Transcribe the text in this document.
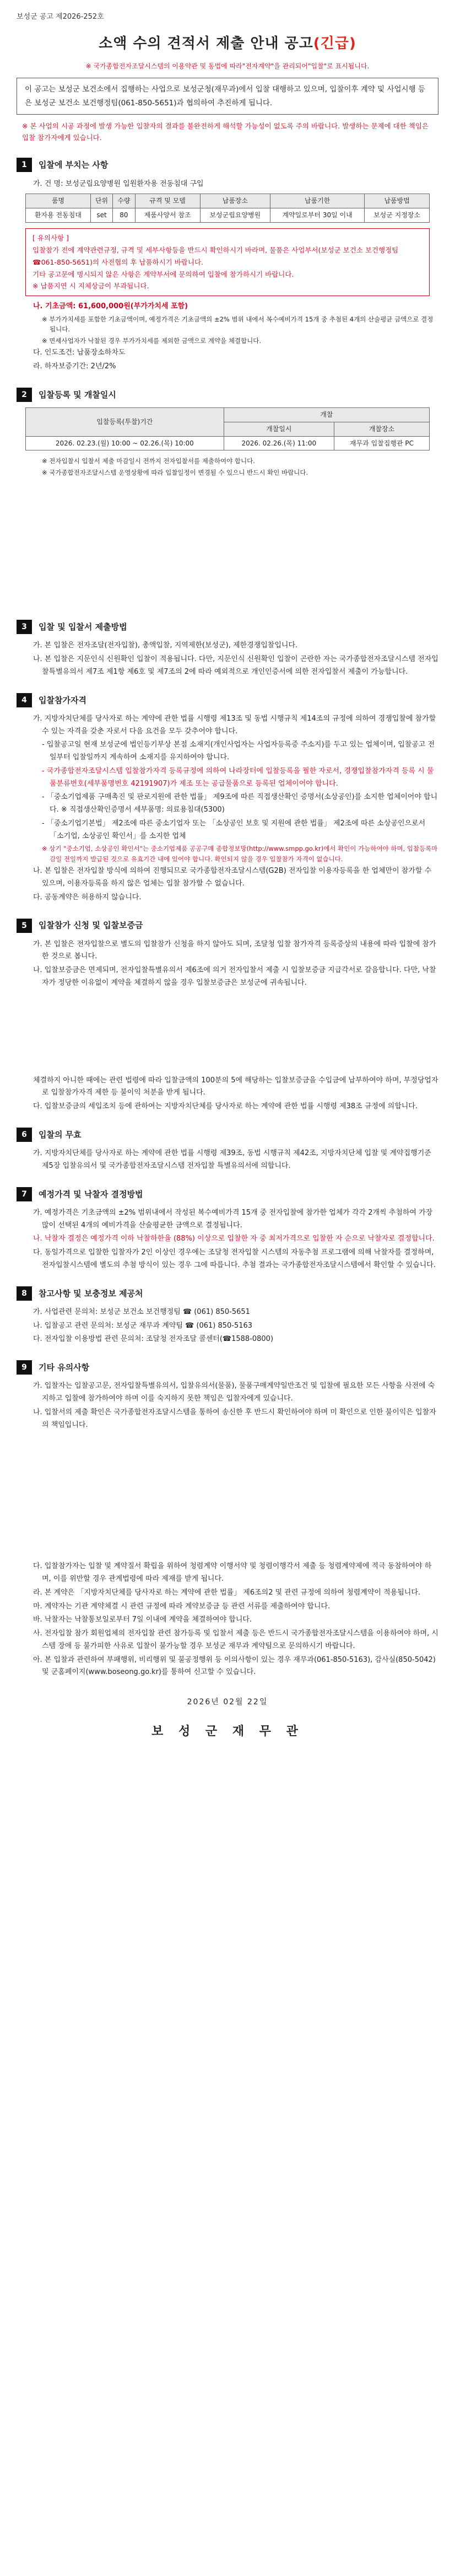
보성군 공고 제2026-252호
소액 수의 견적서 제출 안내 공고(긴급)
※ 국가종합전자조달시스템의 이용약관 및 동법에 따라"전자계약"을 관리되어"입찰"로 표시됩니다.
이 공고는 보성군 보건소에서 집행하는 사업으로 보성군청(재무과)에서 입찰 대행하고 있으며, 입찰이후 계약 및 사업시행 등은 보성군 보건소 보건행정팀(061-850-5651)과 협의하여 추진하게 됩니다.
※ 본 사업의 시공 과정에 발생 가능한 입찰자의 결과를 불완전하게 해석할 가능성이 없도록 주의 바랍니다. 발생하는 문제에 대한 책임은 입찰 참가자에게 있습니다.
1	입찰에 부치는 사항
가. 건 명: 보성군립요양병원 입원환자용 전동침대 구입
품명	단위	수량	규격 및 모델	납품장소	납품기한	납품방법
환자용 전동침대	set	80	제품사양서 참조	보성군립요양병원	계약일로부터 30일 이내	보성군 지정장소
[ 유의사항 ]
입찰참가 전에 계약관련규정, 규격 및 세부사항등을 반드시 확인하시기 바라며, 물품은 사업부서(보성군 보건소 보건행정팀 ☎061-850-5651)의 사전협의 후 납품하시기 바랍니다.
기타 공고문에 명시되지 않은 사항은 계약부서에 문의하여 입찰에 참가하시기 바랍니다.
※ 납품지연 시 지체상금이 부과됩니다.
나. 기초금액: 61,600,000원(부가가치세 포함)
※ 부가가치세를 포함한 기초금액이며, 예정가격은 기초금액의 ±2% 범위 내에서 복수예비가격 15개 중 추첨된 4개의 산술평균 금액으로 결정됩니다.
※ 면세사업자가 낙찰된 경우 부가가치세를 제외한 금액으로 계약을 체결합니다.
다. 인도조건: 납품장소하차도
라. 하자보증기간: 2년/2%
2	입찰등록 및 개찰일시
입찰등록(투찰)기간	개찰	
	개찰일시	개찰장소
2026. 02.23.(월) 10:00 ~ 02.26.(목) 10:00	2026. 02.26.(목) 11:00	재무과 입찰집행관 PC
※ 전자입찰시 입찰서 제출 마감일시 전까지 전자입찰서를 제출하여야 합니다.
※ 국가종합전자조달시스템 운영상황에 따라 입찰일정이 변경될 수 있으니 반드시 확인 바랍니다.
3	입찰 및 입찰서 제출방법
가. 본 입찰은 전자조달(전자입찰), 총액입찰, 지역제한(보성군), 제한경쟁입찰입니다.
나. 본 입찰은 지문인식 신원확인 입찰이 적용됩니다. 다만, 지문인식 신원확인 입찰이 곤란한 자는 국가종합전자조달시스템 전자입찰특별유의서 제7조 제1항 제6호 및 제7조의 2에 따라 예외적으로 개인인증서에 의한 전자입찰서 제출이 가능합니다.
4	입찰참가자격
가. 지방자치단체를 당사자로 하는 계약에 관한 법률 시행령 제13조 및 동법 시행규칙 제14조의 규정에 의하여 경쟁입찰에 참가할 수 있는 자격을 갖춘 자로서 다음 요건을 모두 갖추어야 합니다.
- 입찰공고일 현재 보성군에 법인등기부상 본점 소재지(개인사업자는 사업자등록증 주소지)를 두고 있는 업체이며, 입찰공고 전일부터 입찰일까지 계속하여 소재지를 유지하여야 합니다.
- 국가종합전자조달시스템 입찰참가자격 등록규정에 의하여 나라장터에 입찰등록을 필한 자로서, 경쟁입찰참가자격 등록 시 물품분류번호(세부품명번호 42191907)가 제조 또는 공급물품으로 등록된 업체이어야 합니다.
- 「중소기업제품 구매촉진 및 판로지원에 관한 법률」 제9조에 따른 직접생산확인 증명서(소상공인)를 소지한 업체이어야 합니다. ※ 직접생산확인증명서 세부품명: 의료용침대(5300)
- 「중소기업기본법」 제2조에 따른 중소기업자 또는 「소상공인 보호 및 지원에 관한 법률」 제2조에 따른 소상공인으로서 「소기업, 소상공인 확인서」를 소지한 업체
※ 상기 "중소기업, 소상공인 확인서"는 중소기업제품 공공구매 종합정보망(http://www.smpp.go.kr)에서 확인이 가능하여야 하며, 입찰등록마감일 전일까지 발급된 것으로 유효기간 내에 있어야 합니다. 확인되지 않을 경우 입찰참가 자격이 없습니다.
나. 본 입찰은 전자입찰 방식에 의하여 진행되므로 국가종합전자조달시스템(G2B) 전자입찰 이용자등록을 한 업체만이 참가할 수 있으며, 이용자등록을 하지 않은 업체는 입찰 참가할 수 없습니다.
다. 공동계약은 허용하지 않습니다.
5	입찰참가 신청 및 입찰보증금
가. 본 입찰은 전자입찰으로 별도의 입찰참가 신청을 하지 않아도 되며, 조달청 입찰 참가자격 등록증상의 내용에 따라 입찰에 참가한 것으로 봅니다.
나. 입찰보증금은 면제되며, 전자입찰특별유의서 제6조에 의거 전자입찰서 제출 시 입찰보증금 지급각서로 갈음합니다. 다만, 낙찰자가 정당한 이유없이 계약을 체결하지 않을 경우 입찰보증금은 보성군에 귀속됩니다.
체결하지 아니한 때에는 관련 법령에 따라 입찰금액의 100분의 5에 해당하는 입찰보증금을 수입금에 납부하여야 하며, 부정당업자로 입찰참가자격 제한 등 불이익 처분을 받게 됩니다.
다. 입찰보증금의 세입조치 등에 관하여는 지방자치단체를 당사자로 하는 계약에 관한 법률 시행령 제38조 규정에 의합니다.
6	입찰의 무효
가. 지방자치단체를 당사자로 하는 계약에 관한 법률 시행령 제39조, 동법 시행규칙 제42조, 지방자치단체 입찰 및 계약집행기준 제5장 입찰유의서 및 국가종합전자조달시스템 전자입찰 특별유의서에 의합니다.
7	예정가격 및 낙찰자 결정방법
가. 예정가격은 기초금액의 ±2% 범위내에서 작성된 복수예비가격 15개 중 전자입찰에 참가한 업체가 각각 2개씩 추첨하여 가장 많이 선택된 4개의 예비가격을 산술평균한 금액으로 결정됩니다.
나. 낙찰자 결정은 예정가격 이하 낙찰하한율 (88%) 이상으로 입찰한 자 중 최저가격으로 입찰한 자 순으로 낙찰자로 결정합니다.
다. 동일가격으로 입찰한 입찰자가 2인 이상인 경우에는 조달청 전자입찰 시스템의 자동추첨 프로그램에 의해 낙찰자를 결정하며, 전자입찰시스템에 별도의 추첨 방식이 있는 경우 그에 따릅니다. 추첨 결과는 국가종합전자조달시스템에서 확인할 수 있습니다.
8	참고사항 및 보충정보 제공처
가. 사업관련 문의처: 보성군 보건소 보건행정팀 ☎ (061) 850-5651
나. 입찰공고 관련 문의처: 보성군 재무과 계약팀 ☎ (061) 850-5163
다. 전자입찰 이용방법 관련 문의처: 조달청 전자조달 콜센터(☎1588-0800)
9	기타 유의사항
가. 입찰자는 입찰공고문, 전자입찰특별유의서, 입찰유의서(물품), 물품구매계약일반조건 및 입찰에 필요한 모든 사항을 사전에 숙지하고 입찰에 참가하여야 하며 이를 숙지하지 못한 책임은 입찰자에게 있습니다.
나. 입찰서의 제출 확인은 국가종합전자조달시스템을 통하여 송신한 후 반드시 확인하여야 하며 미 확인으로 인한 불이익은 입찰자의 책임입니다.
다. 입찰참가자는 입찰 및 계약질서 확립을 위하여 청렴계약 이행서약 및 청렴이행각서 제출 등 청렴계약제에 적극 동참하여야 하며, 이를 위반할 경우 관계법령에 따라 제재를 받게 됩니다.
라. 본 계약은 「지방자치단체를 당사자로 하는 계약에 관한 법률」 제6조의2 및 관련 규정에 의하여 청렴계약이 적용됩니다.
마. 계약자는 기관 계약체결 시 관련 규정에 따라 계약보증금 등 관련 서류를 제출하여야 합니다.
바. 낙찰자는 낙찰통보일로부터 7일 이내에 계약을 체결하여야 합니다.
사. 전자입찰 참가 회원업체의 전자입찰 관련 참가등록 및 입찰서 제출 등은 반드시 국가종합전자조달시스템을 이용하여야 하며, 시스템 장애 등 불가피한 사유로 입찰이 불가능할 경우 보성군 재무과 계약팀으로 문의하시기 바랍니다.
아. 본 입찰과 관련하여 부패행위, 비리행위 및 불공정행위 등 이의사항이 있는 경우 재무과(061-850-5163), 감사실(850-5042) 및 군홈페이지(www.boseong.go.kr)를 통하여 신고할 수 있습니다.
2026년 02월 22일
보 성 군 재 무 관
